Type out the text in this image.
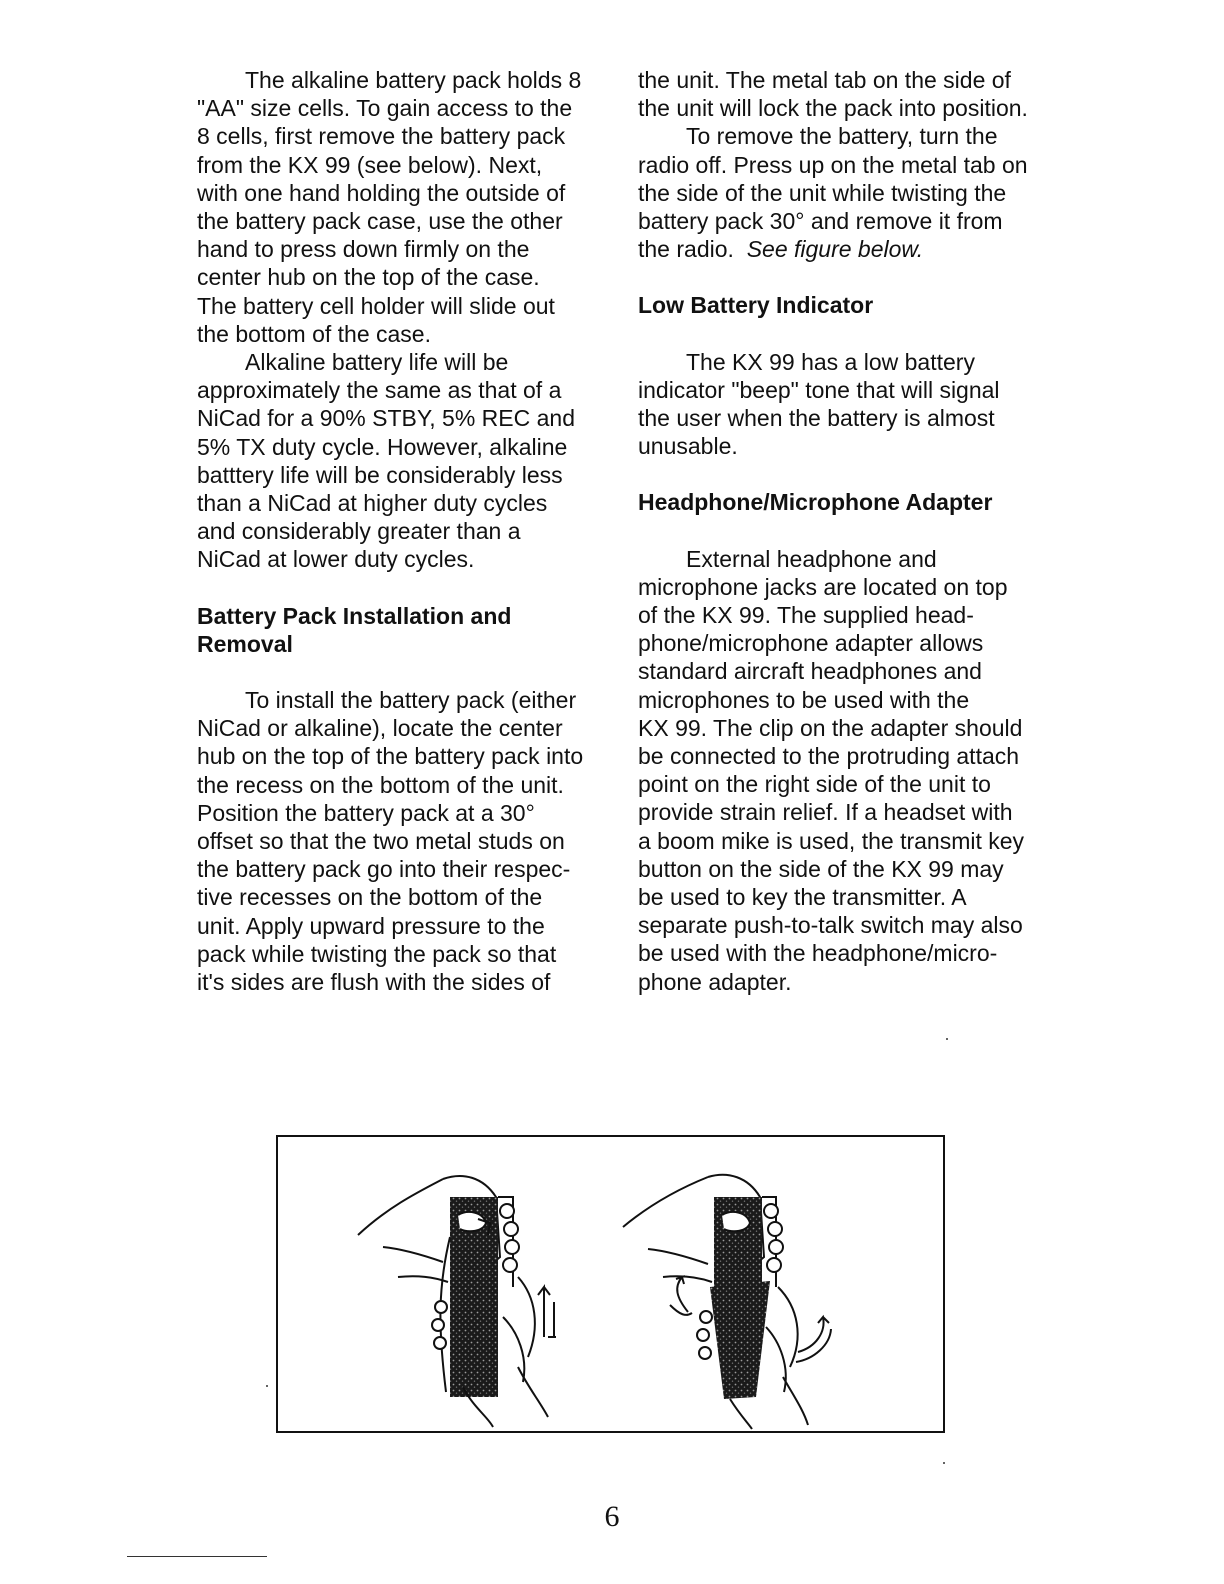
The alkaline battery pack holds 8
"AA" size cells. To gain access to the
8 cells, first remove the battery pack
from the KX 99 (see below). Next,
with one hand holding the outside of
the battery pack case, use the other
hand to press down firmly on the
center hub on the top of the case.
The battery cell holder will slide out
the bottom of the case.

Alkaline battery life will be
approximately the same as that of a
NiCad for a 90% STBY, 5% REC and
5% TX duty cycle. However, alkaline
batttery life will be considerably less
than a NiCad at higher duty cycles
and considerably greater than a
NiCad at lower duty cycles.

Battery Pack Installation and
Removal

To install the battery pack (either
NiCad or alkaline), locate the center
hub on the top of the battery pack into
the recess on the bottom of the unit.
Position the battery pack at a 30°
offset so that the two metal studs on
the battery pack go into their respec-
tive recesses on the bottom of the
unit. Apply upward pressure to the
pack while twisting the pack so that
it's sides are flush with the sides of

the unit. The metal tab on the side of
the unit will lock the pack into position.

To remove the battery, turn the
radio off. Press up on the metal tab on
the side of the unit while twisting the
battery pack 30° and remove it from
the radio.  See figure below.

Low Battery Indicator

The KX 99 has a low battery
indicator "beep" tone that will signal
the user when the battery is almost
unusable.

Headphone/Microphone Adapter

External headphone and
microphone jacks are located on top
of the KX 99. The supplied head-
phone/microphone adapter allows
standard aircraft headphones and
microphones to be used with the
KX 99. The clip on the adapter should
be connected to the protruding attach
point on the right side of the unit to
provide strain relief. If a headset with
a boom mike is used, the transmit key
button on the side of the KX 99 may
be used to key the transmitter. A
separate push-to-talk switch may also
be used with the headphone/micro-
phone adapter.

6
